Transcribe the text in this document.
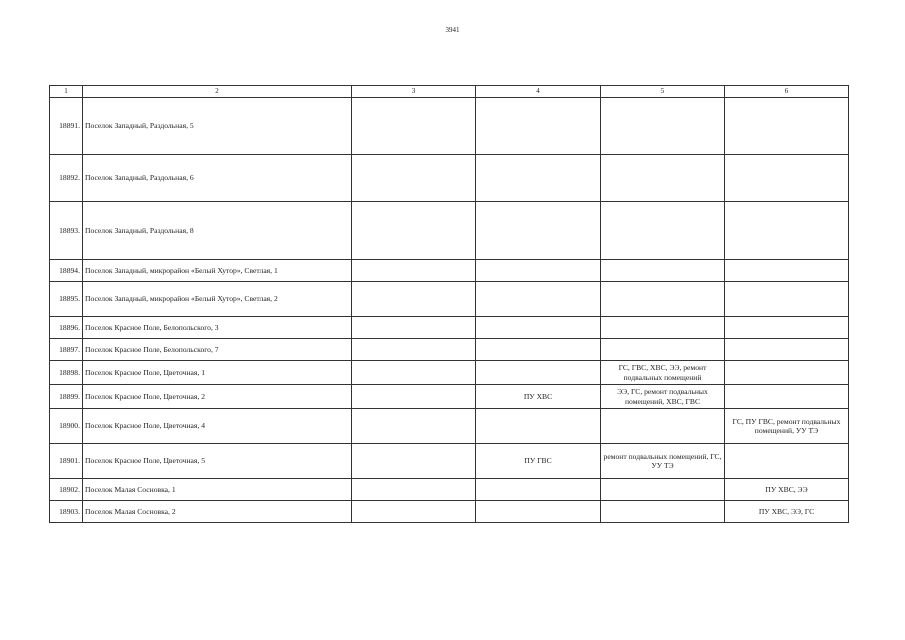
3941
1	2	3	4	5	6
18891.	Поселок Западный, Раздольная, 5				
18892.	Поселок Западный, Раздольная, 6				
18893.	Поселок Западный, Раздольная, 8				
18894.	Поселок Западный, микрорайон «Белый Хутор», Светлая, 1				
18895.	Поселок Западный, микрорайон «Белый Хутор», Светлая, 2				
18896.	Поселок Красное Поле, Белопольского, 3				
18897.	Поселок Красное Поле, Белопольского, 7				
18898.	Поселок Красное Поле, Цветочная, 1			ГС, ГВС, ХВС, ЭЭ, ремонт подвальных помещений	
18899.	Поселок Красное Поле, Цветочная, 2		ПУ ХВС	ЭЭ, ГС, ремонт подвальных помещений, ХВС, ГВС	
18900.	Поселок Красное Поле, Цветочная, 4				ГС, ПУ ГВС, ремонт подвальных помещений, УУ ТЭ
18901.	Поселок Красное Поле, Цветочная, 5		ПУ ГВС	ремонт подвальных помещений, ГС, УУ ТЭ	
18902.	Поселок Малая Сосновка, 1				ПУ ХВС, ЭЭ
18903.	Поселок Малая Сосновка, 2				ПУ ХВС, ЭЭ, ГС
